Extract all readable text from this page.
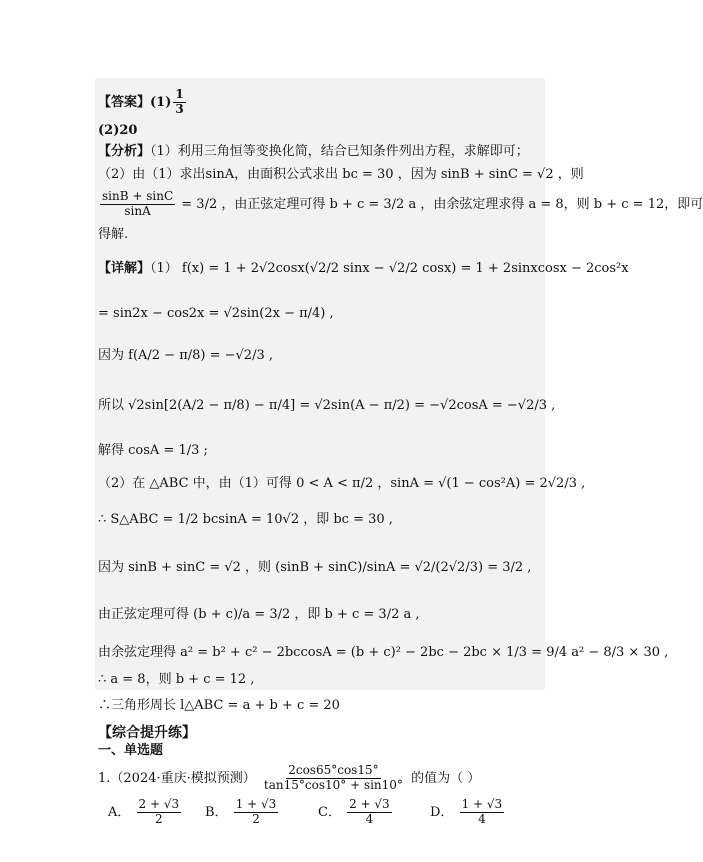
【答案】$(1) \frac{1}{3}$
(2)20
【分析】（1）利用三角恒等变换化简，结合已知条件列出方程，求解即可；
（2）由（1）求出sinA，由面积公式求出 bc = 30 ，因为 sinB + sinC = √2 ，则
$\frac{\sin B + \sin C}{\sin A} = 3/2$ ，由正弦定理可得 b + c = 3/2 a ，由余弦定理求得 a = 8，则 b + c = 12，即可
得解.
【详解】（1） f(x) = 1 + 2√2cosx(√2/2 sinx − √2/2 cosx) = 1 + 2sinxcosx − 2cos²x
= sin2x − cos2x = √2sin(2x − π/4) ,
因为 f(A/2 − π/8) = −√2/3 ,
所以 √2sin[2(A/2 − π/8) − π/4] = √2sin(A − π/2) = −√2cosA = −√2/3 ,
解得 cosA = 1/3 ;
（2）在 △ABC 中，由（1）可得 0 < A < π/2 ，sinA = √(1 − cos²A) = 2√2/3 ,
∴ S△ABC = 1/2 bcsinA = 10√2 ，即 bc = 30 ,
因为 sinB + sinC = √2 ，则 (sinB + sinC)/sinA = √2/(2√2/3) = 3/2 ,
由正弦定理可得 (b + c)/a = 3/2 ，即 b + c = 3/2 a ,
由余弦定理得 a² = b² + c² − 2bccosA = (b + c)² − 2bc − 2bc × 1/3 = 9/4 a² − 8/3 × 30 ,
∴ a = 8，则 b + c = 12 ,
∴三角形周长 l△ABC = a + b + c = 20
【综合提升练】
一、单选题
1.（2024·重庆·模拟预测） $\frac{2\cos 65^\circ\cos 15^\circ}{\tan 15^\circ\cos 10^\circ + \sin 10^\circ}$ 的值为（ ）
A． $\frac{2 + √3}{2}$ B． $\frac{1 + √3}{2}$	C． $\frac{2 + √3}{4}$	D． $\frac{1 + √3}{4}$
